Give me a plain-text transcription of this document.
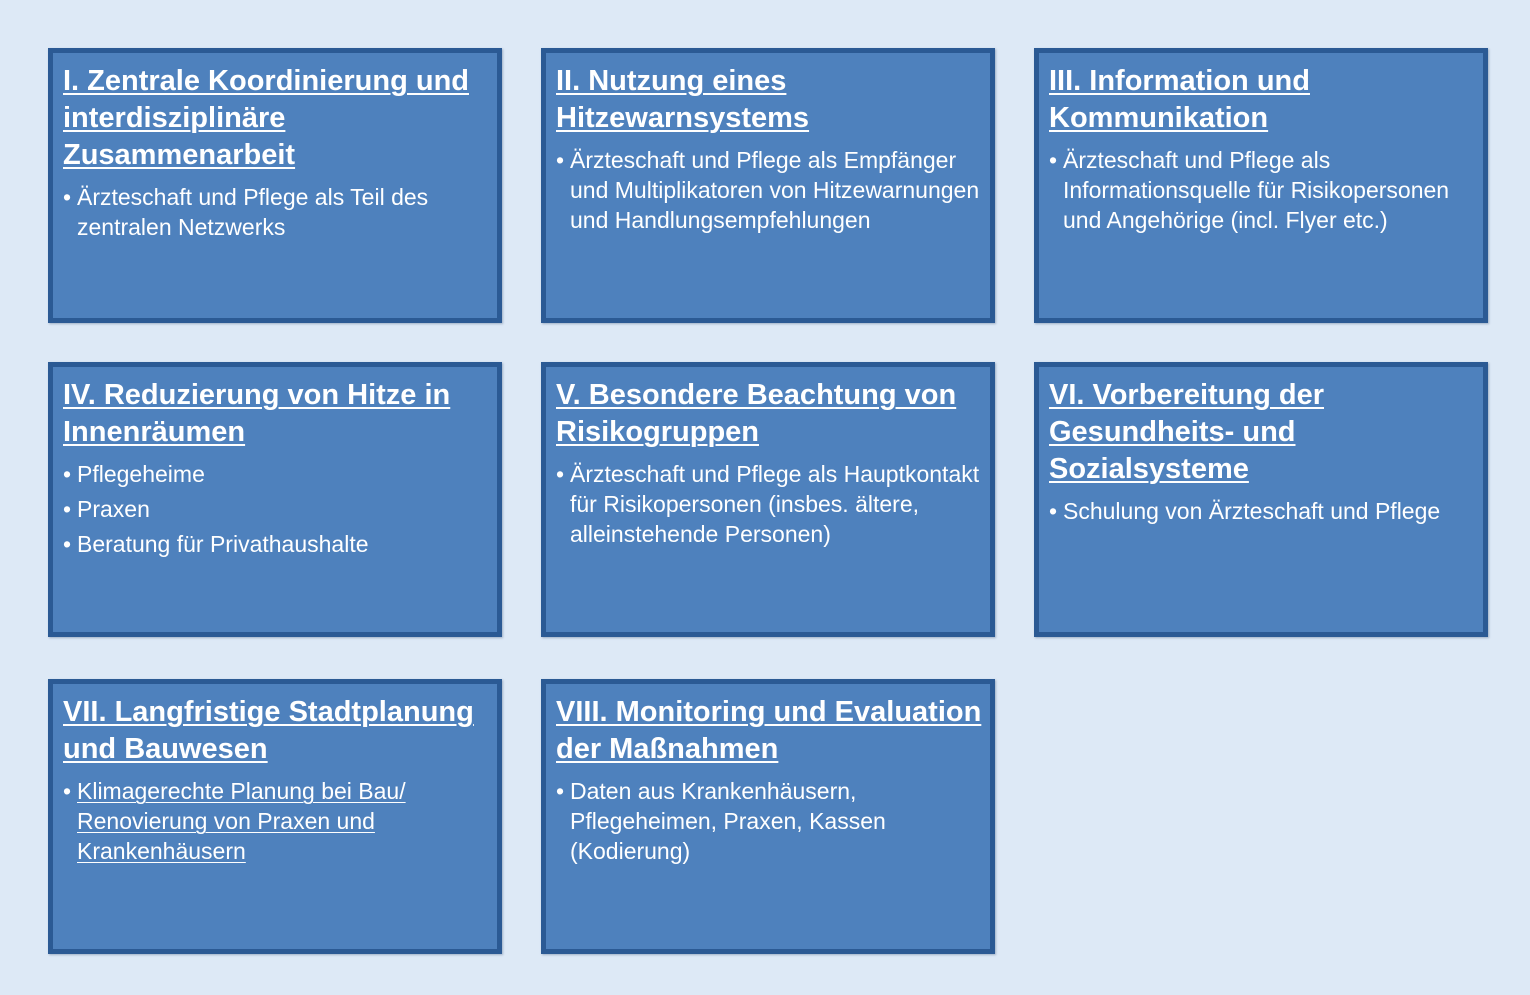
I. Zentrale Koordinierung und interdisziplinäre Zusammenarbeit
• Ärzteschaft und Pflege als Teil des zentralen Netzwerks
II. Nutzung eines Hitzewarnsystems
• Ärzteschaft und Pflege als Empfänger und Multiplikatoren von Hitzewarnungen und Handlungsempfehlungen
III. Information und Kommunikation
• Ärzteschaft und Pflege als Informationsquelle für Risikopersonen und Angehörige (incl. Flyer etc.)
IV. Reduzierung von Hitze in Innenräumen
• Pflegeheime
• Praxen
• Beratung für Privathaushalte
V. Besondere Beachtung von Risikogruppen
• Ärzteschaft und Pflege als Hauptkontakt für Risikopersonen (insbes. ältere, alleinstehende Personen)
VI. Vorbereitung der Gesundheits- und Sozialsysteme
• Schulung von Ärzteschaft und Pflege
VII. Langfristige Stadtplanung und Bauwesen
• Klimagerechte Planung bei Bau/ Renovierung von Praxen und Krankenhäusern
VIII. Monitoring und Evaluation der Maßnahmen
• Daten aus Krankenhäusern, Pflegeheimen, Praxen, Kassen (Kodierung)
